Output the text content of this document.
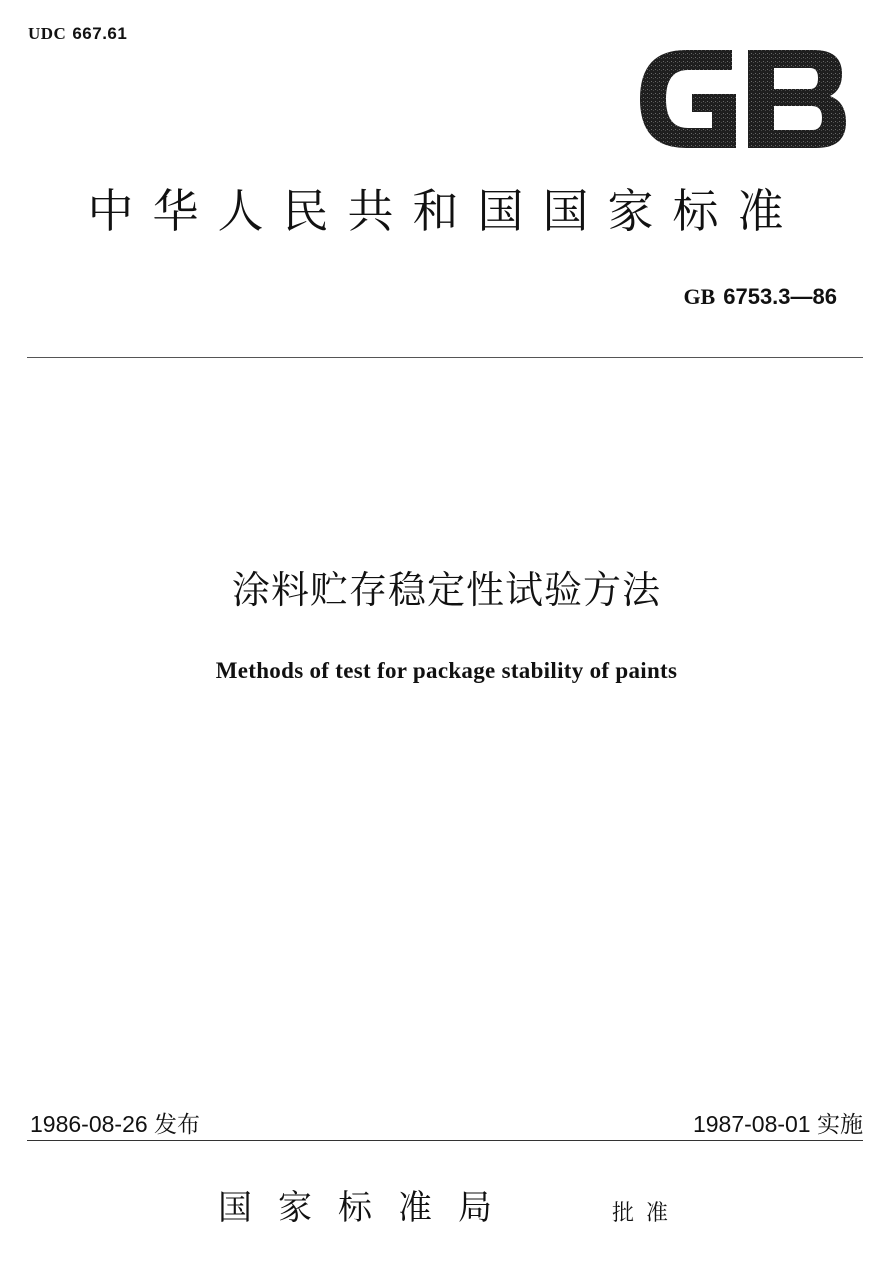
UDC 667.61
中华人民共和国国家标准
GB 6753.3—86
涂料贮存稳定性试验方法
Methods of test for package stability of paints
1986-08-26 发布	1987-08-01 实施
国家标准局	批准
